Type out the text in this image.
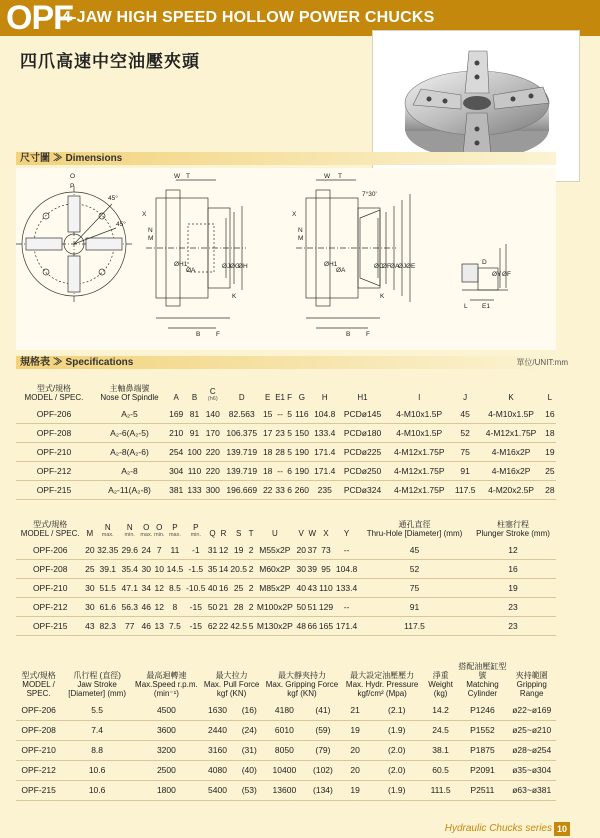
OPF
4-JAW HIGH SPEED HOLLOW POWER CHUCKS
四爪高速中空油壓夾頭
尺寸圖 ≫ Dimensions
O
P
45°
45°
X
N
M
W T
ØH1
ØA
F
B
K
ØJ ØG
ØH
X
N
M
W T
7°30'
ØH1
ØA
B F
K
ØC
ØF
ØA
ØJ ØE
ØY ØF
L E1
D
規格表 ≫ Specifications	單位/UNIT:mm
型式/規格
MODEL / SPEC.	主軸鼻端號
Nose Of Spindle	A	B	C
(h6)	D	E	E1	F	G	H	H1	I	J	K	L

OPF-206	A₂-5	169	81	140	82.563	15	--	5	116	104.8	PCDø145	4-M10x1.5P	45	4-M10x1.5P	16
OPF-208	A₂-6(A₂-5)	210	91	170	106.375	17	23	5	150	133.4	PCDø180	4-M10x1.5P	52	4-M12x1.75P	18
OPF-210	A₂-8(A₂-6)	254	100	220	139.719	18	28	5	190	171.4	PCDø225	4-M12x1.75P	75	4-M16x2P	19
OPF-212	A₂-8	304	110	220	139.719	18	--	6	190	171.4	PCDø250	4-M12x1.75P	91	4-M16x2P	25
OPF-215	A₂-11(A₂-8)	381	133	300	196.669	22	33	6	260	235	PCDø324	4-M12x1.75P	117.5	4-M20x2.5P	28
型式/規格
MODEL / SPEC.	M	N
max.	N
min.	O
max.	O
min.	P
max.	P
min.	Q	R	S	T	U	V	W	X	Y	通孔直徑
Thru-Hole [Diameter] (mm)	柱塞行程
Plunger Stroke (mm)

OPF-206	20	32.35	29.6	24	7	11	-1	31	12	19	2	M55x2P	20	37	73	--	45	12
OPF-208	25	39.1	35.4	30	10	14.5	-1.5	35	14	20.5	2	M60x2P	30	39	95	104.8	52	16
OPF-210	30	51.5	47.1	34	12	8.5	-10.5	40	16	25	2	M85x2P	40	43	110	133.4	75	19
OPF-212	30	61.6	56.3	46	12	8	-15	50	21	28	2	M100x2P	50	51	129	--	91	23
OPF-215	43	82.3	77	46	13	7.5	-15	62	22	42.5	5	M130x2P	48	66	165	171.4	117.5	23
型式/規格
MODEL / SPEC.	爪行程 (直徑)
Jaw Stroke [Diameter] (mm)	最高迴轉速
Max.Speed r.p.m.(min⁻¹)	最大拉力
Max. Pull Force kgf (KN)		最大靜夾持力
Max. Gripping Force kgf (KN)		最大設定油壓壓力
Max. Hydr. Pressure kgf/cm² (Mpa)		淨重
Weight (kg)	搭配油壓缸型號
Matching Cylinder	夾持範圍
Gripping Range

OPF-206	5.5	4500	1630	(16)	4180	(41)	21	(2.1)	14.2	P1246	ø22~ø169
OPF-208	7.4	3600	2440	(24)	6010	(59)	19	(1.9)	24.5	P1552	ø25~ø210
OPF-210	8.8	3200	3160	(31)	8050	(79)	20	(2.0)	38.1	P1875	ø28~ø254
OPF-212	10.6	2500	4080	(40)	10400	(102)	20	(2.0)	60.5	P2091	ø35~ø304
OPF-215	10.6	1800	5400	(53)	13600	(134)	19	(1.9)	111.5	P2511	ø63~ø381
Hydraulic Chucks series 10
